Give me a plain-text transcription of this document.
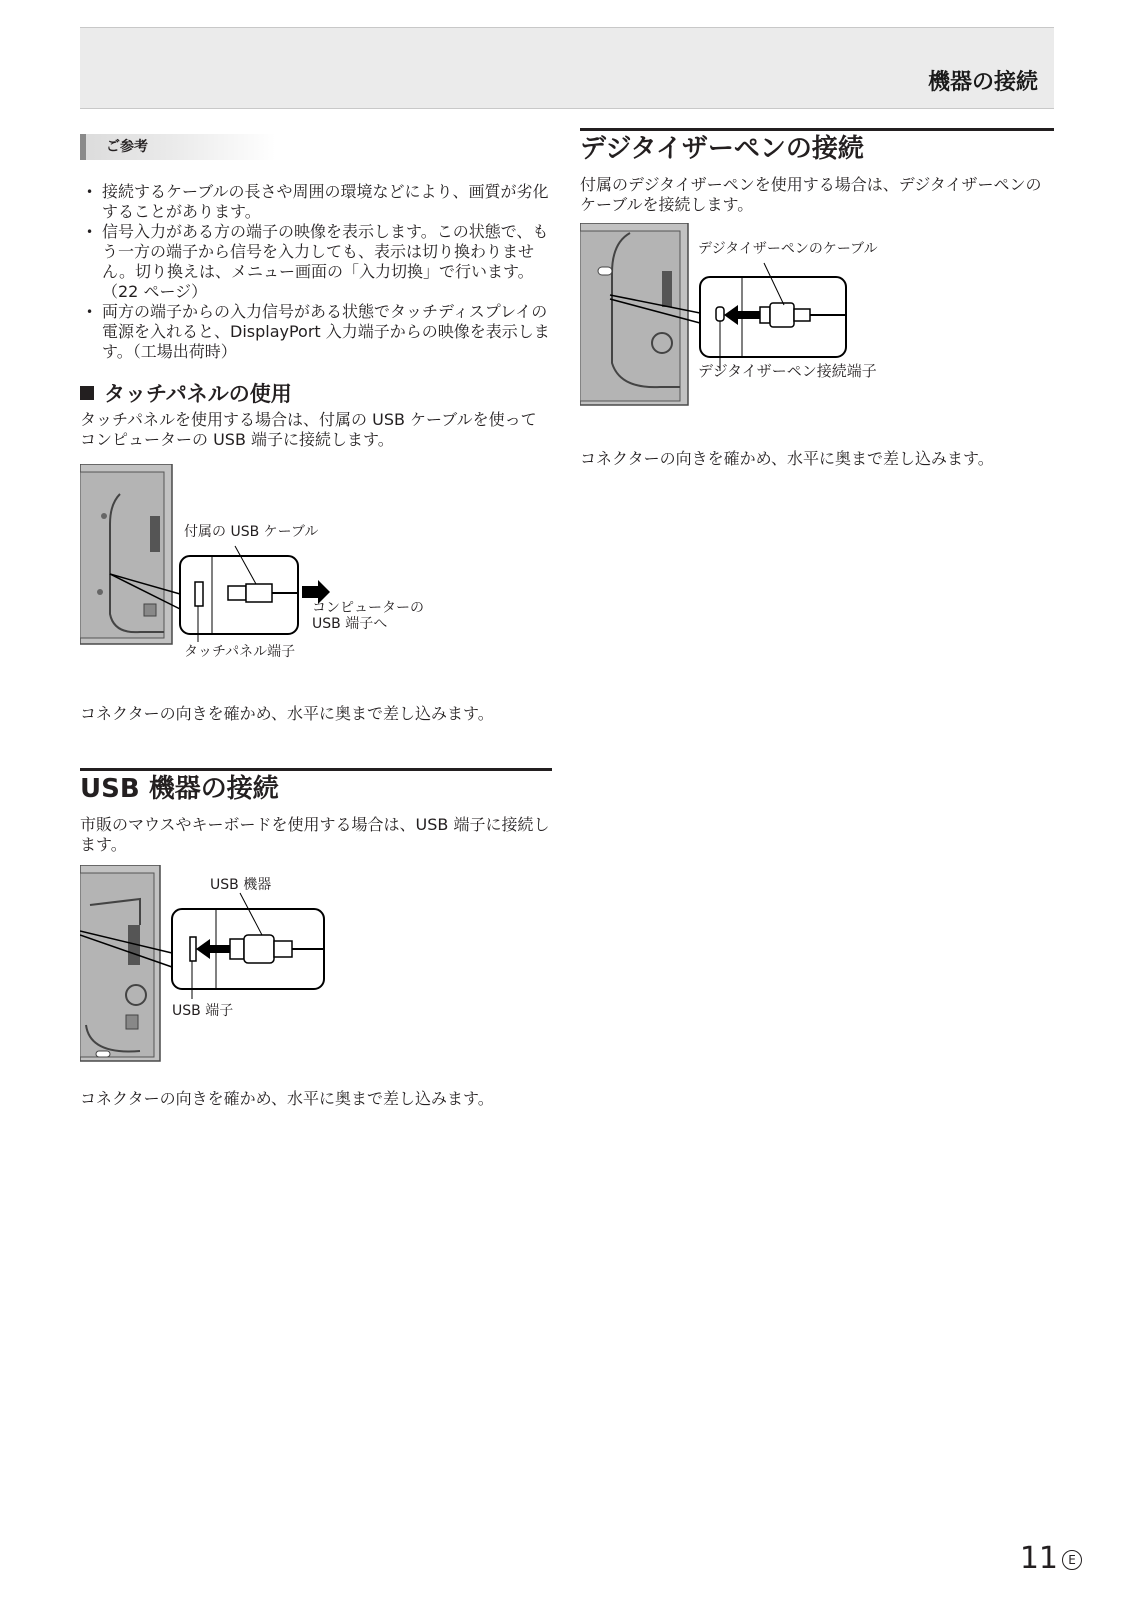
機器の接続
ご参考
• 接続するケーブルの長さや周囲の環境などにより、画質が劣化することがあります。
• 信号入力がある方の端子の映像を表示します。この状態で、もう一方の端子から信号を入力しても、表示は切り換わりません。切り換えは、メニュー画面の「入力切換」で行います。（22 ページ）
• 両方の端子からの入力信号がある状態でタッチディスプレイの電源を入れると、DisplayPort 入力端子からの映像を表示します。（工場出荷時）
タッチパネルの使用

タッチパネルを使用する場合は、付属の USB ケーブルを使ってコンピューターの USB 端子に接続します。

付属の USB ケーブル
コンピューターの
USB 端子へ
タッチパネル端子

コネクターの向きを確かめ、水平に奥まで差し込みます。

USB 機器の接続

市販のマウスやキーボードを使用する場合は、USB 端子に接続します。

USB 機器
USB 端子

コネクターの向きを確かめ、水平に奥まで差し込みます。

デジタイザーペンの接続

付属のデジタイザーペンを使用する場合は、デジタイザーペンのケーブルを接続します。

デジタイザーペンのケーブル
デジタイザーペン接続端子

コネクターの向きを確かめ、水平に奥まで差し込みます。

11 E
